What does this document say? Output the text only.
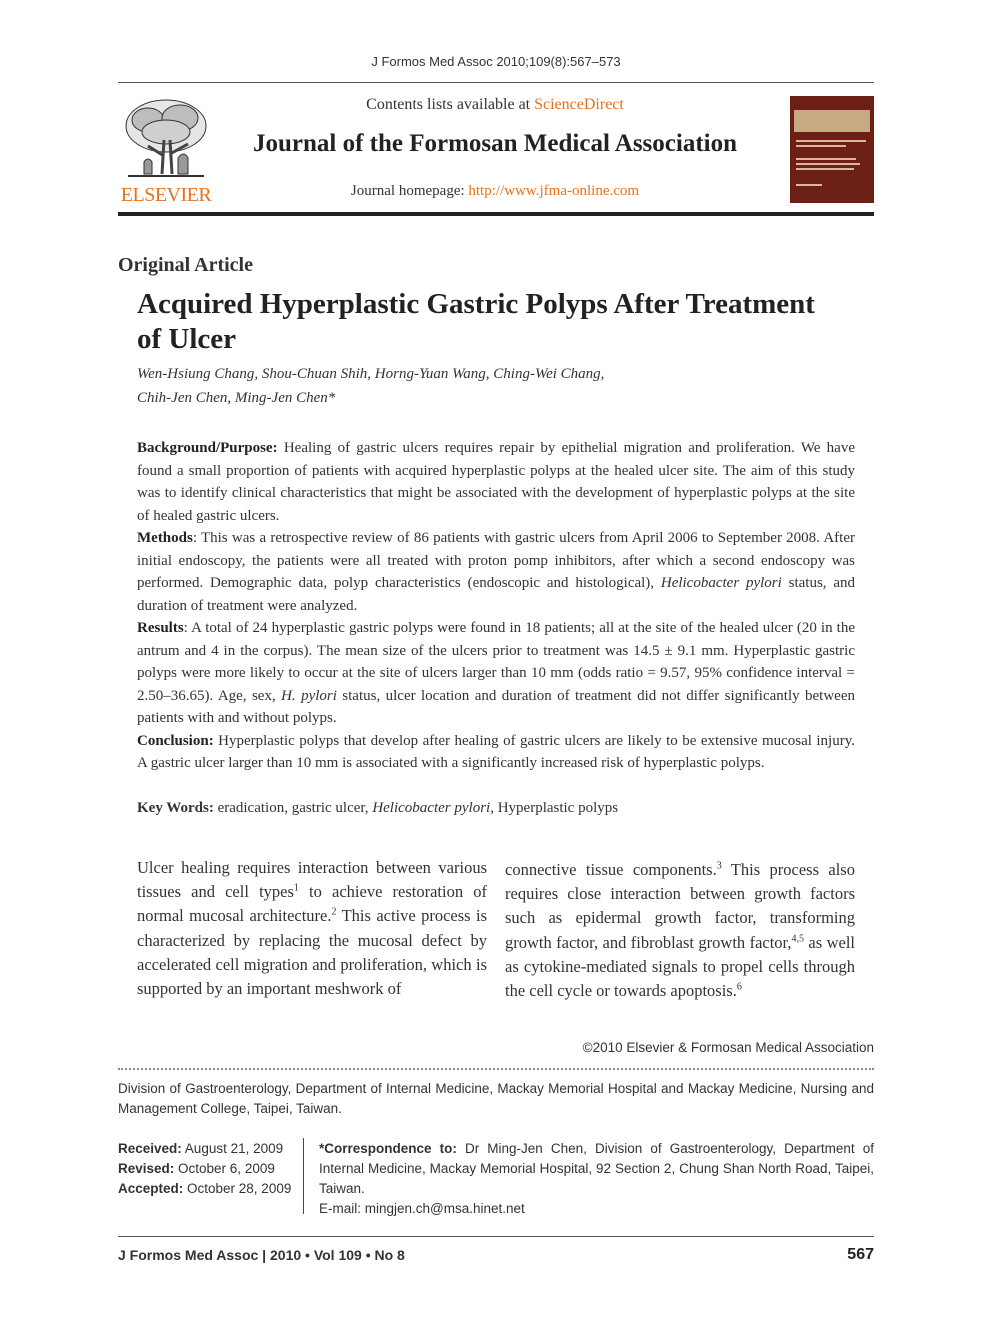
J Formos Med Assoc 2010;109(8):567–573
ELSEVIER
Contents lists available at ScienceDirect
Journal of the Formosan Medical Association
Journal homepage: http://www.jfma-online.com
Original Article
Acquired Hyperplastic Gastric Polyps After Treatment of Ulcer
Wen-Hsiung Chang, Shou-Chuan Shih, Horng-Yuan Wang, Ching-Wei Chang,
Chih-Jen Chen, Ming-Jen Chen*

Background/Purpose: Healing of gastric ulcers requires repair by epithelial migration and proliferation. We have found a small proportion of patients with acquired hyperplastic polyps at the healed ulcer site. The aim of this study was to identify clinical characteristics that might be associated with the development of hyperplastic polyps at the site of healed gastric ulcers.

Methods: This was a retrospective review of 86 patients with gastric ulcers from April 2006 to September 2008. After initial endoscopy, the patients were all treated with proton pomp inhibitors, after which a second endoscopy was performed. Demographic data, polyp characteristics (endoscopic and histological), Helicobacter pylori status, and duration of treatment were analyzed.

Results: A total of 24 hyperplastic gastric polyps were found in 18 patients; all at the site of the healed ulcer (20 in the antrum and 4 in the corpus). The mean size of the ulcers prior to treatment was 14.5 ± 9.1 mm. Hyperplastic gastric polyps were more likely to occur at the site of ulcers larger than 10 mm (odds ratio = 9.57, 95% confidence interval = 2.50–36.65). Age, sex, H. pylori status, ulcer location and duration of treatment did not differ significantly between patients with and without polyps.

Conclusion: Hyperplastic polyps that develop after healing of gastric ulcers are likely to be extensive mucosal injury. A gastric ulcer larger than 10 mm is associated with a significantly increased risk of hyperplastic polyps.

Key Words: eradication, gastric ulcer, Helicobacter pylori, Hyperplastic polyps
Ulcer healing requires interaction between various tissues and cell types$^1$ to achieve restoration of normal mucosal architecture.$^2$ This active process is characterized by replacing the mucosal defect by accelerated cell migration and proliferation, which is supported by an important meshwork of
connective tissue components.$^3$ This process also requires close interaction between growth factors such as epidermal growth factor, transforming growth factor, and fibroblast growth factor,$^{4,5}$ as well as cytokine-mediated signals to propel cells through the cell cycle or towards apoptosis.$^6$
©2010 Elsevier & Formosan Medical Association
Division of Gastroenterology, Department of Internal Medicine, Mackay Memorial Hospital and Mackay Medicine, Nursing and Management College, Taipei, Taiwan.
Received: August 21, 2009
Revised: October 6, 2009
Accepted: October 28, 2009
*Correspondence to: Dr Ming-Jen Chen, Division of Gastroenterology, Department of Internal Medicine, Mackay Memorial Hospital, 92 Section 2, Chung Shan North Road, Taipei, Taiwan.
E-mail: mingjen.ch@msa.hinet.net
J Formos Med Assoc | 2010 • Vol 109 • No 8	567
